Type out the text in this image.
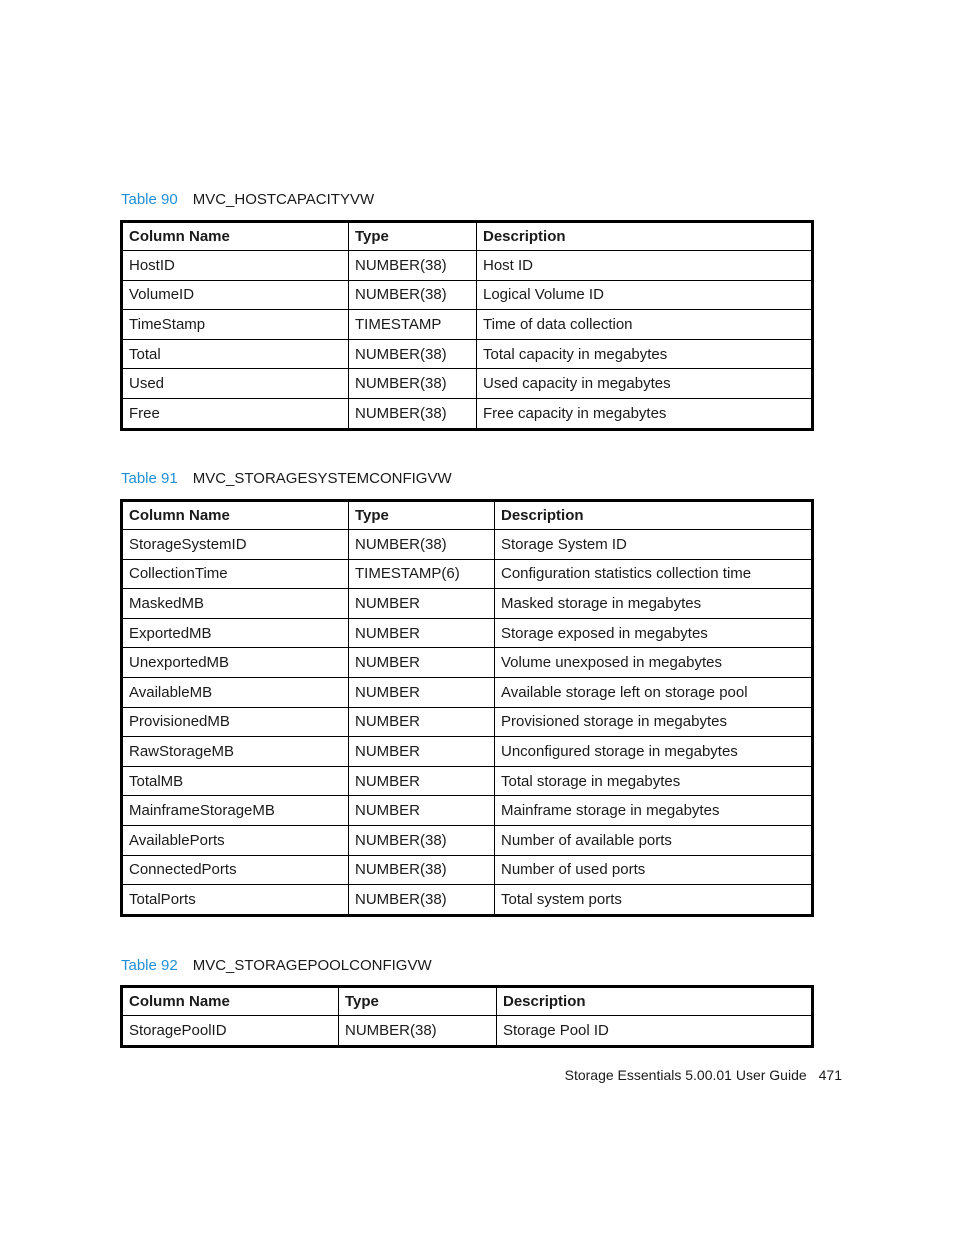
Table 90 MVC_HOSTCAPACITYVW
Column Name	Type	Description
HostID	NUMBER(38)	Host ID
VolumeID	NUMBER(38)	Logical Volume ID
TimeStamp	TIMESTAMP	Time of data collection
Total	NUMBER(38)	Total capacity in megabytes
Used	NUMBER(38)	Used capacity in megabytes
Free	NUMBER(38)	Free capacity in megabytes
Table 91 MVC_STORAGESYSTEMCONFIGVW
Column Name	Type	Description
StorageSystemID	NUMBER(38)	Storage System ID
CollectionTime	TIMESTAMP(6)	Configuration statistics collection time
MaskedMB	NUMBER	Masked storage in megabytes
ExportedMB	NUMBER	Storage exposed in megabytes
UnexportedMB	NUMBER	Volume unexposed in megabytes
AvailableMB	NUMBER	Available storage left on storage pool
ProvisionedMB	NUMBER	Provisioned storage in megabytes
RawStorageMB	NUMBER	Unconfigured storage in megabytes
TotalMB	NUMBER	Total storage in megabytes
MainframeStorageMB	NUMBER	Mainframe storage in megabytes
AvailablePorts	NUMBER(38)	Number of available ports
ConnectedPorts	NUMBER(38)	Number of used ports
TotalPorts	NUMBER(38)	Total system ports
Table 92 MVC_STORAGEPOOLCONFIGVW
Column Name	Type	Description
StoragePoolID	NUMBER(38)	Storage Pool ID
Storage Essentials 5.00.01 User Guide 471
